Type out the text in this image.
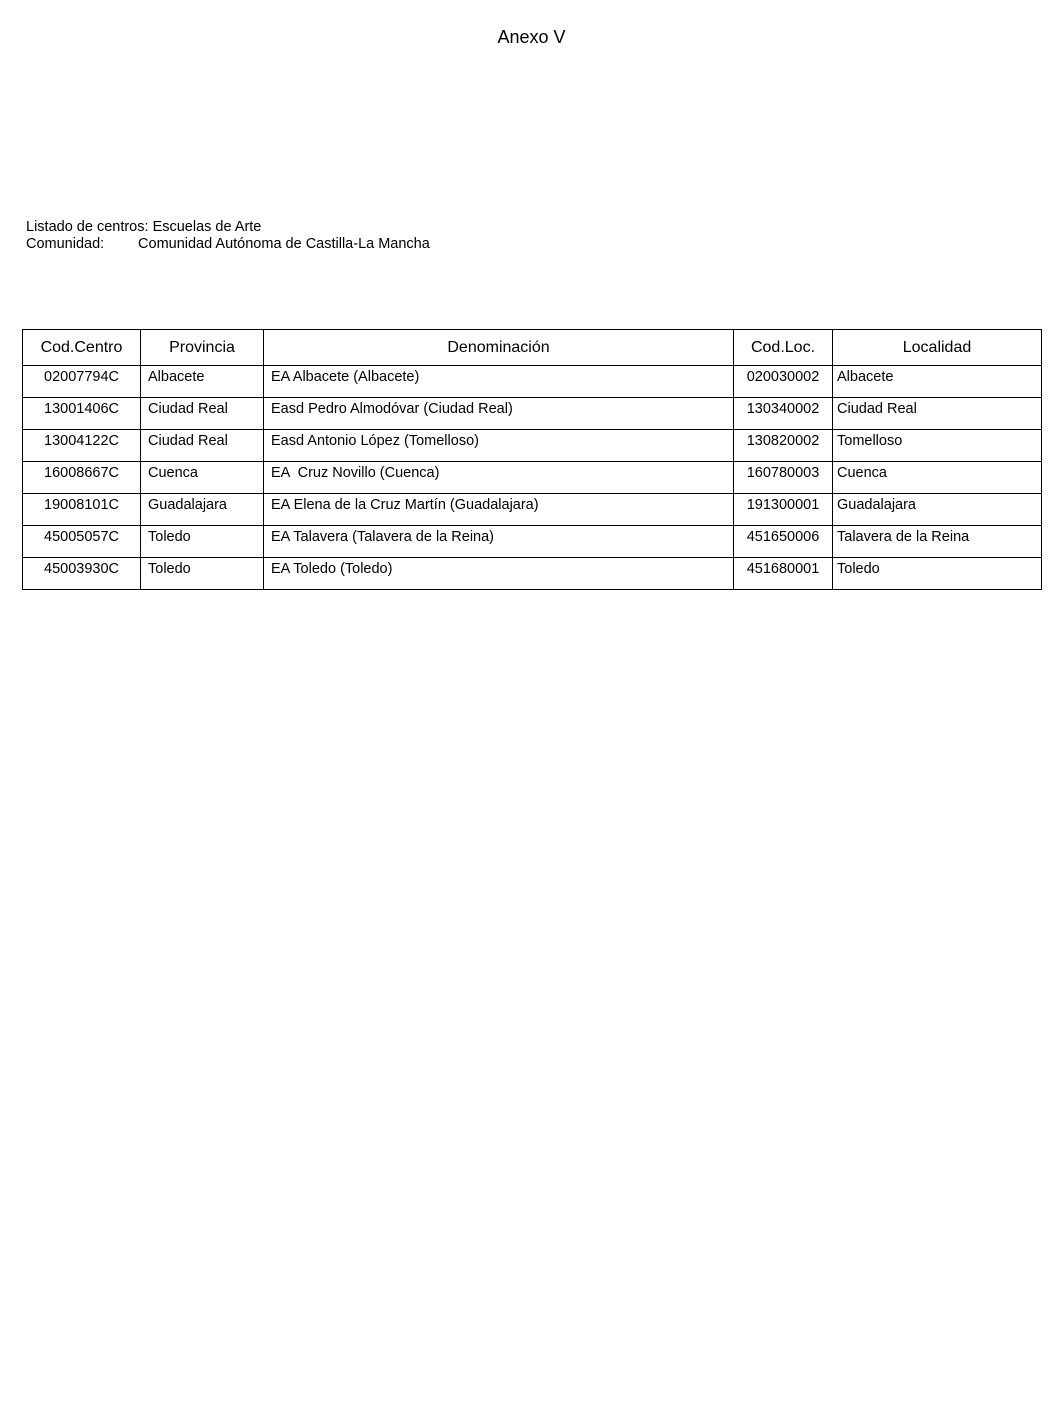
Anexo V
Listado de centros: Escuelas de Arte
Comunidad: Comunidad Autónoma de Castilla-La Mancha
Cod.Centro	Provincia	Denominación	Cod.Loc.	Localidad
02007794C	Albacete	EA Albacete (Albacete)	020030002	Albacete
13001406C	Ciudad Real	Easd Pedro Almodóvar (Ciudad Real)	130340002	Ciudad Real
13004122C	Ciudad Real	Easd Antonio López (Tomelloso)	130820002	Tomelloso
16008667C	Cuenca	EA  Cruz Novillo (Cuenca)	160780003	Cuenca
19008101C	Guadalajara	EA Elena de la Cruz Martín (Guadalajara)	191300001	Guadalajara
45005057C	Toledo	EA Talavera (Talavera de la Reina)	451650006	Talavera de la Reina
45003930C	Toledo	EA Toledo (Toledo)	451680001	Toledo
